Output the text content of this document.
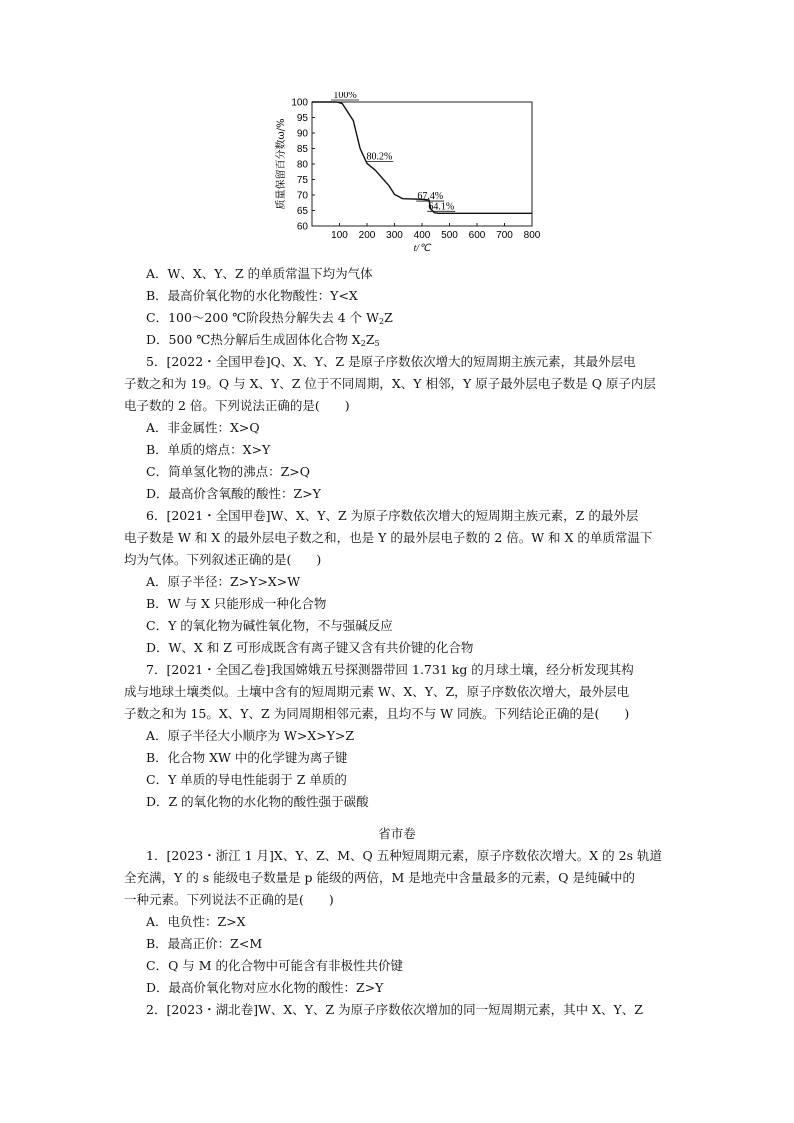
100 200 300 400 500 600 700 800
60
65
70
75
80
85
90
95
100
100%
80.2%
67.4%
64.1%
t/℃
质量保留百分数ω/%
A．W、X、Y、Z 的单质常温下均为气体
B．最高价氧化物的水化物酸性：Y<X
C．100～200 ℃阶段热分解失去 4 个 $W_2Z$
D．500 ℃热分解后生成固体化合物 $X_2Z_5$
5．[2022・全国甲卷]Q、X、Y、Z 是原子序数依次增大的短周期主族元素，其最外层电
子数之和为 19。Q 与 X、Y、Z 位于不同周期，X、Y 相邻，Y 原子最外层电子数是 Q 原子内层
电子数的 2 倍。下列说法正确的是(　　)
A．非金属性：X>Q
B．单质的熔点：X>Y
C．简单氢化物的沸点：Z>Q
D．最高价含氧酸的酸性：Z>Y
6．[2021・全国甲卷]W、X、Y、Z 为原子序数依次增大的短周期主族元素，Z 的最外层
电子数是 W 和 X 的最外层电子数之和，也是 Y 的最外层电子数的 2 倍。W 和 X 的单质常温下
均为气体。下列叙述正确的是(　　)
A．原子半径：Z>Y>X>W
B．W 与 X 只能形成一种化合物
C．Y 的氧化物为碱性氧化物，不与强碱反应
D．W、X 和 Z 可形成既含有离子键又含有共价键的化合物
7．[2021・全国乙卷]我国嫦娥五号探测器带回 1.731 kg 的月球土壤，经分析发现其构
成与地球土壤类似。土壤中含有的短周期元素 W、X、Y、Z，原子序数依次增大，最外层电
子数之和为 15。X、Y、Z 为同周期相邻元素，且均不与 W 同族。下列结论正确的是(　　)
A．原子半径大小顺序为 W>X>Y>Z
B．化合物 XW 中的化学键为离子键
C．Y 单质的导电性能弱于 Z 单质的
D．Z 的氧化物的水化物的酸性强于碳酸
省市卷
1．[2023・浙江 1 月]X、Y、Z、M、Q 五种短周期元素，原子序数依次增大。X 的 2s 轨道
全充满，Y 的 s 能级电子数量是 p 能级的两倍，M 是地壳中含量最多的元素，Q 是纯碱中的
一种元素。下列说法不正确的是(　　)
A．电负性：Z>X
B．最高正价：Z<M
C．Q 与 M 的化合物中可能含有非极性共价键
D．最高价氧化物对应水化物的酸性：Z>Y
2．[2023・湖北卷]W、X、Y、Z 为原子序数依次增加的同一短周期元素，其中 X、Y、Z
